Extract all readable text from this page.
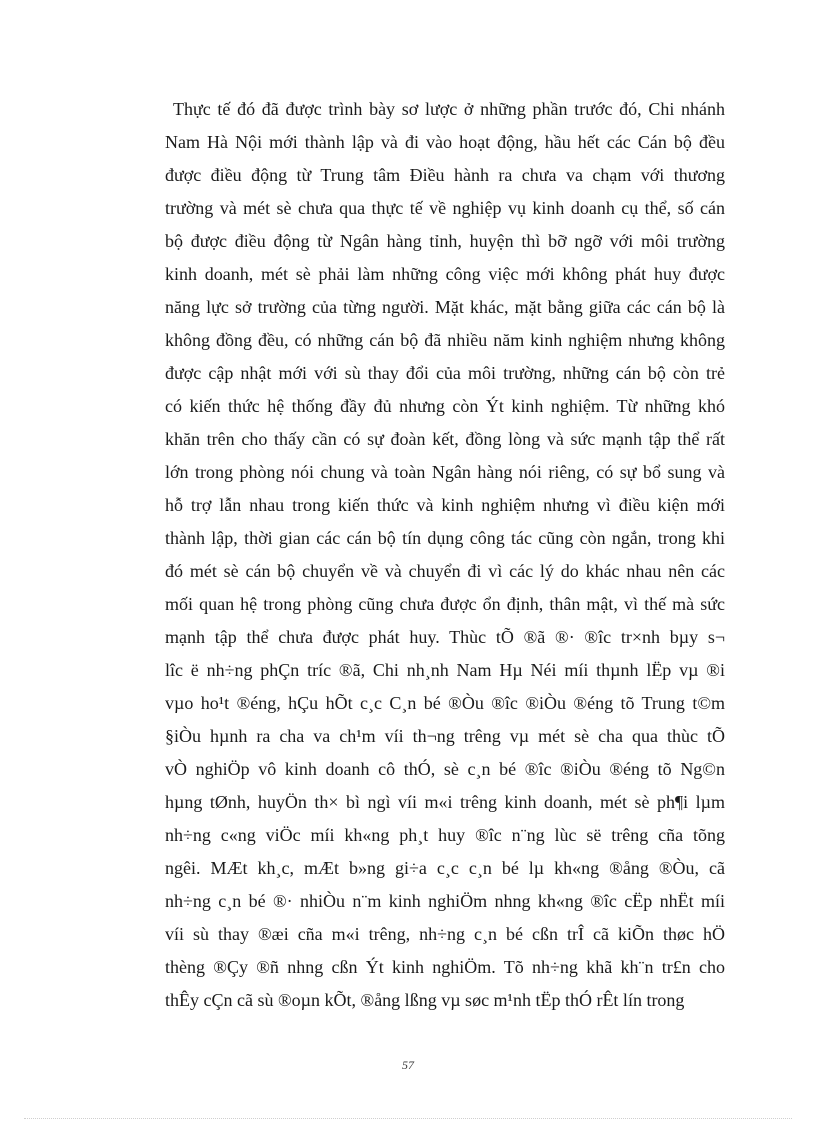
Thực tế đó đã được trình bày sơ lược ở những phần trước đó, Chi nhánh
Nam Hà Nội mới thành lập và đi vào hoạt động, hầu hết các Cán bộ đều
được điều động từ Trung tâm Điều hành ra chưa va chạm với thương
trường và mét sè chưa qua thực tế về nghiệp vụ kinh doanh cụ thể, số cán
bộ được điều động từ Ngân hàng tỉnh, huyện thì bỡ ngỡ với môi trường
kinh doanh, mét sè phải làm những công việc mới không phát huy được
năng lực sở trường của từng người. Mặt khác, mặt bằng giữa các cán bộ là
không đồng đều, có những cán bộ đã nhiều năm kinh nghiệm nhưng không
được cập nhật mới với sù thay đổi của môi trường, những cán bộ còn trẻ
có kiến thức hệ thống đầy đủ nhưng còn Ýt kinh nghiệm. Từ những khó
khăn trên cho thấy cần có sự đoàn kết, đồng lòng và sức mạnh tập thể rất
lớn trong phòng nói chung và toàn Ngân hàng nói riêng, có sự bổ sung và
hỗ trợ lẫn nhau trong kiến thức và kinh nghiệm nhưng vì điều kiện mới
thành lập, thời gian các cán bộ tín dụng công tác cũng còn ngắn, trong khi
đó mét sè cán bộ chuyển về và chuyển đi vì các lý do khác nhau nên các
mối quan hệ trong phòng cũng chưa được ổn định, thân mật, vì thế mà sức
mạnh tập thể chưa được phát huy. Thùc tÕ ®ã ®· ®îc tr×nh bµy s¬
lîc ë nh÷ng phÇn tríc ®ã, Chi nh¸nh Nam Hµ Néi míi thµnh lËp vµ ®i
vµo ho¹t ®éng, hÇu hÕt c¸c C¸n bé ®Òu ®îc ®iÒu ®éng tõ Trung t©m
§iÒu hµnh ra cha va ch¹m víi th¬ng trêng vµ mét sè cha qua thùc tÕ
vÒ nghiÖp vô kinh doanh cô thÓ, sè c¸n bé ®îc ®iÒu ®éng tõ Ng©n
hµng tØnh, huyÖn th× bì ngì víi m«i trêng kinh doanh, mét sè ph¶i lµm
nh÷ng c«ng viÖc míi kh«ng ph¸t huy ®îc n¨ng lùc së trêng cña tõng
ngêi. MÆt kh¸c, mÆt b»ng gi÷a c¸c c¸n bé lµ kh«ng ®ång ®Òu, cã
nh÷ng c¸n bé ®· nhiÒu n¨m kinh nghiÖm nhng kh«ng ®îc cËp nhËt míi
víi sù thay ®æi cña m«i trêng, nh÷ng c¸n bé cßn trÎ cã kiÕn thøc hÖ
thèng ®Çy ®ñ nhng cßn Ýt kinh nghiÖm. Tõ nh÷ng khã kh¨n tr£n cho
thÊy cÇn cã sù ®oµn kÕt, ®ång lßng vµ søc m¹nh tËp thÓ rÊt lín trong
57
